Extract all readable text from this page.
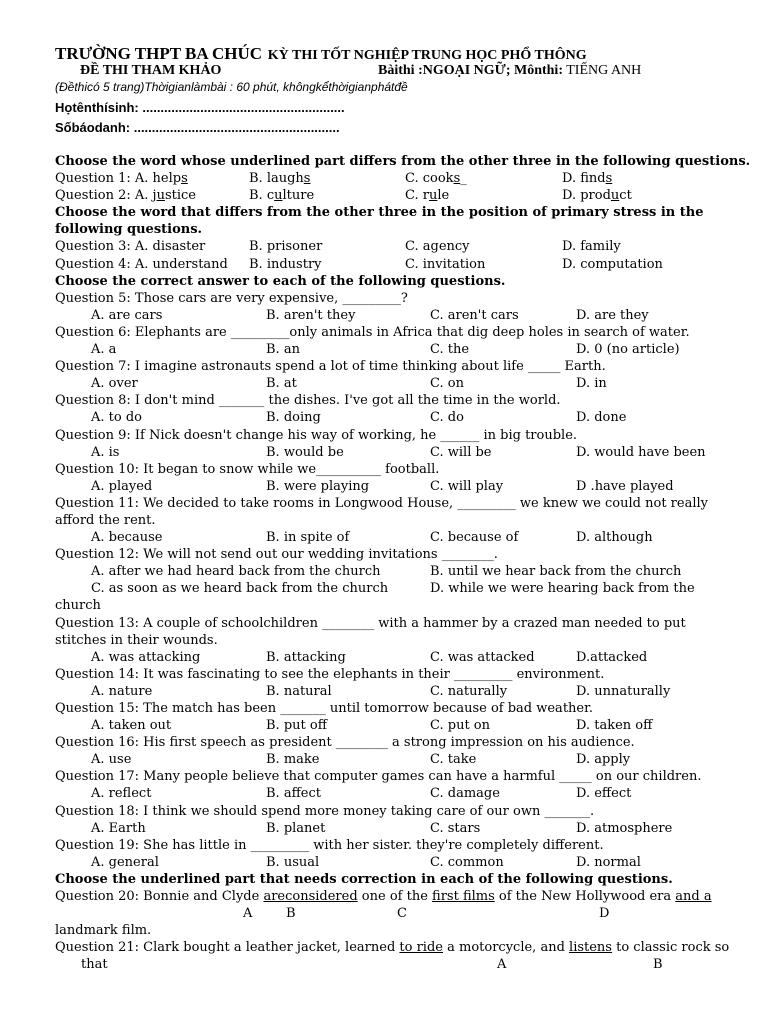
TRƯỜNG THPT BA CHÚC KỲ THI TỐT NGHIỆP TRUNG HỌC PHỔ THÔNG
ĐỀ THI THAM KHẢO	Bàithi :NGOẠI NGỮ; Mônthi: TIẾNG ANH
(Đềthicó 5 trang)Thờigianlàmbài : 60 phút, khôngkểthờigianphátđề
Họtênthísinh: ........................................................
Sốbáodanh: .........................................................
Choose the word whose underlined part differs from the other three in the following questions.
Question 1: A. helps	B. laughs	C. cooks_	D. finds
Question 2: A. justice	B. culture	C. rule	D. product
Choose the word that differs from the other three in the position of primary stress in the
following questions.
Question 3: A. disaster	B. prisoner	C. agency	D. family
Question 4: A. understand B. industry	C. invitation	D. computation
Choose the correct answer to each of the following questions.
Question 5: Those cars are very expensive, _________?
A. are cars	B. aren't they	C. aren't cars	D. are they
Question 6: Elephants are _________only animals in Africa that dig deep holes in search of water.
A. a	B. an	C. the	D. 0 (no article)
Question 7: I imagine astronauts spend a lot of time thinking about life _____ Earth.
A. over	B. at	C. on	D. in
Question 8: I don't mind _______ the dishes. I've got all the time in the world.
A. to do	B. doing	C. do	D. done
Question 9: If Nick doesn't change his way of working, he ______ in big trouble.
A. is	B. would be	C. will be	D. would have been
Question 10: It began to snow while we__________ football.
A. played	B. were playing	C. will play	D .have played
Question 11: We decided to take rooms in Longwood House, _________ we knew we could not really
afford the rent.
A. because	B. in spite of	C. because of	D. although
Question 12: We will not send out our wedding invitations ________.
A. after we had heard back from the church	B. until we hear back from the church
C. as soon as we heard back from the church	D. while we were hearing back from the
church
Question 13: A couple of schoolchildren ________ with a hammer by a crazed man needed to put
stitches in their wounds.
A. was attacking	B. attacking	C. was attacked	D.attacked
Question 14: It was fascinating to see the elephants in their _________ environment.
A. nature	B. natural	C. naturally	D. unnaturally
Question 15: The match has been _______ until tomorrow because of bad weather.
A. taken out	B. put off	C. put on	D. taken off
Question 16: His first speech as president ________ a strong impression on his audience.
A. use	B. make	C. take	D. apply
Question 17: Many people believe that computer games can have a harmful _____ on our children.
A. reflect	B. affect	C. damage	D. effect
Question 18: I think we should spend more money taking care of our own _______.
A. Earth	B. planet	C. stars	D. atmosphere
Question 19: She has little in _________ with her sister. they're completely different.
A. general	B. usual	C. common	D. normal
Choose the underlined part that needs correction in each of the following questions.
Question 20: Bonnie and Clyde areconsidered one of the first films of the New Hollywood era and a
A	B	C	D
landmark film.
Question 21: Clark bought a leather jacket, learned to ride a motorcycle, and listens to classic rock so
that	A	B
